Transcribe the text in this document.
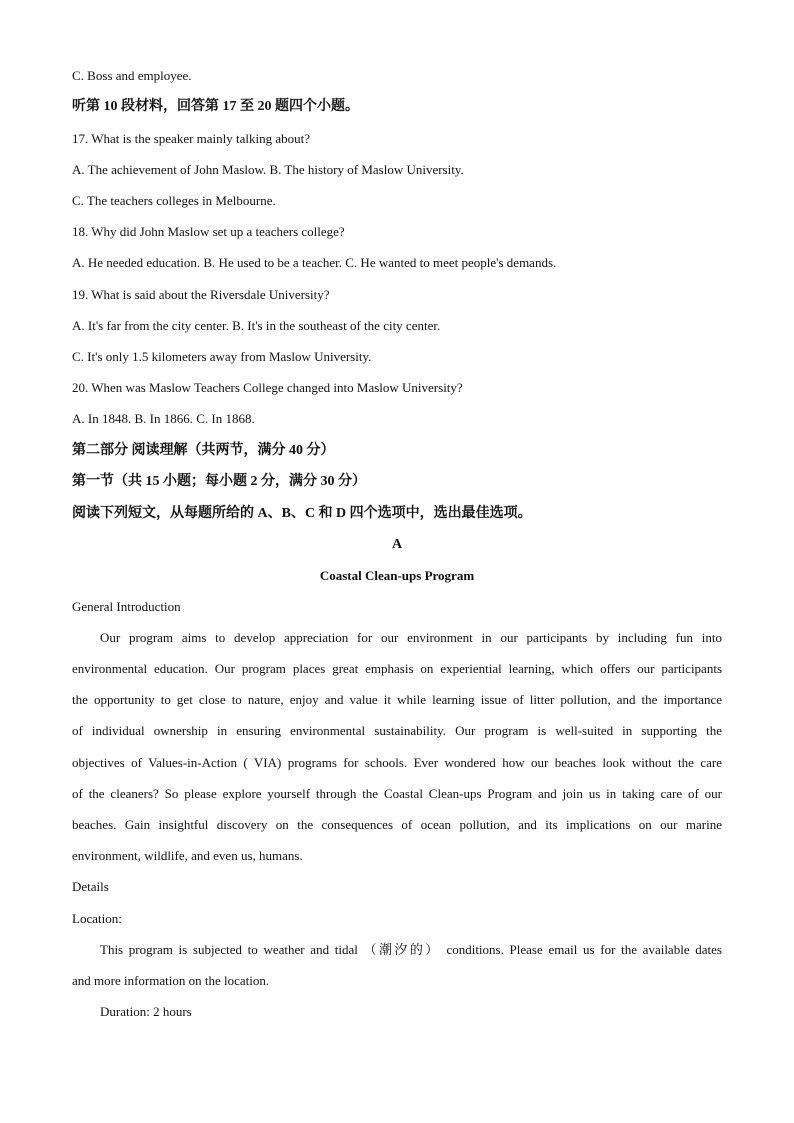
C. Boss and employee.
听第 10 段材料，回答第 17 至 20 题四个小题。
17. What is the speaker mainly talking about?
A. The achievement of John Maslow. B. The history of Maslow University.
C. The teachers colleges in Melbourne.
18. Why did John Maslow set up a teachers college?
A. He needed education. B. He used to be a teacher. C. He wanted to meet people's demands.
19. What is said about the Riversdale University?
A. It's far from the city center. B. It's in the southeast of the city center.
C. It's only 1.5 kilometers away from Maslow University.
20. When was Maslow Teachers College changed into Maslow University?
A. In 1848. B. In 1866. C. In 1868.
第二部分 阅读理解（共两节，满分 40 分）
第一节（共 15 小题；每小题 2 分，满分 30 分）
阅读下列短文，从每题所给的 A、B、C 和 D 四个选项中，选出最佳选项。
A
Coastal Clean-ups Program
General Introduction
Our program aims to develop appreciation for our environment in our participants by including fun into
environmental education. Our program places great emphasis on experiential learning, which offers our participants
the opportunity to get close to nature, enjoy and value it while learning issue of litter pollution, and the importance
of individual ownership in ensuring environmental sustainability. Our program is well-suited in supporting the
objectives of Values-in-Action ( VIA) programs for schools. Ever wondered how our beaches look without the care
of the cleaners? So please explore yourself through the Coastal Clean-ups Program and join us in taking care of our
beaches. Gain insightful discovery on the consequences of ocean pollution, and its implications on our marine
environment, wildlife, and even us, humans.
Details
Location:
This program is subjected to weather and tidal （潮汐的） conditions. Please email us for the available dates
and more information on the location.
Duration: 2 hours
